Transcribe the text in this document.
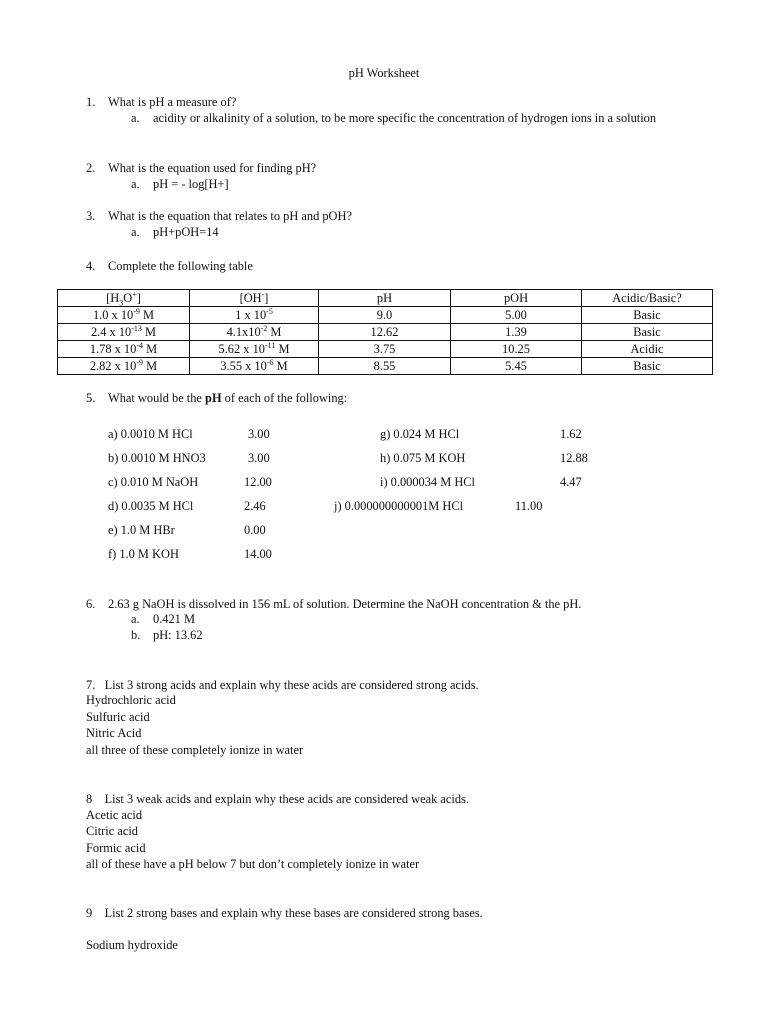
pH Worksheet
1. What is pH a measure of?
a. acidity or alkalinity of a solution, to be more specific the concentration of hydrogen ions in a solution
2. What is the equation used for finding pH?
a. pH = - log[H+]
3. What is the equation that relates to pH and pOH?
a. pH+pOH=14
4. Complete the following table
$[H_3O^+]$	[OH-]	pH	pOH	Acidic/Basic?
1.0 x $10^{-9}$ M	1 x $10^{-5}$	9.0	5.00	Basic
2.4 x $10^{-13}$ M	$4.1x10^{-2}$ M	12.62	1.39	Basic
1.78 x $10^{-4}$ M	5.62 x $10^{-11}$ M	3.75	10.25	Acidic
2.82 x $10^{-9}$ M	3.55 x $10^{-6}$ M	8.55	5.45	Basic
5. What would be the pH of each of the following:
a) 0.0010 M HCl	3.00
b) 0.0010 M HNO3	3.00
c) 0.010 M NaOH	12.00
d) 0.0035 M HCl	2.46
e) 1.0 M HBr	0.00
f) 1.0 M KOH	14.00
g) 0.024 M HCl	1.62
h) 0.075 M KOH	12.88
i) 0.000034 M HCl	4.47
j) 0.000000000001M HCl	11.00
6. 2.63 g NaOH is dissolved in 156 mL of solution. Determine the NaOH concentration & the pH.
a. 0.421 M
b. pH: 13.62
7.   List 3 strong acids and explain why these acids are considered strong acids.
Hydrochloric acid
Sulfuric acid
Nitric Acid
all three of these completely ionize in water
8    List 3 weak acids and explain why these acids are considered weak acids.
Acetic acid
Citric acid
Formic acid
all of these have a pH below 7 but don’t completely ionize in water
9    List 2 strong bases and explain why these bases are considered strong bases.
Sodium hydroxide
